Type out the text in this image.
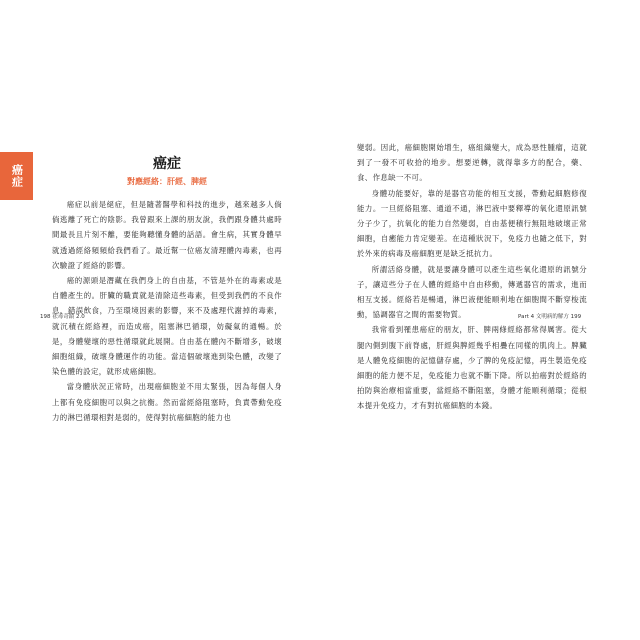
癌症	癌症
對應經絡：肝經、脾經

癌症以前是絕症，但是隨著醫學和科技的進步，越來越多人倘倘逃離了死亡的陰影。我曾跟來上課的朋友說，我們跟身體共處時間最長且片刻不離，要能夠聽懂身體的話語。會生病，其實身體早就透過經絡頻頻給我們看了。最近幫一位癌友清理體內毒素，也再次驗證了經絡的影響。

癌的源頭是潛藏在我們身上的自由基，不管是外在的毒素或是自體產生的。肝臟的職責就是清除這些毒素，但受到我們的不良作息、錯誤飲食，乃至環境因素的影響，來不及處理代謝掉的毒素，就沉積在經絡裡，而造成癌，阻塞淋巴循環，妨礙氣的通暢。於是，身體變壞的惡性循環就此展開。自由基在體內不斷增多，破壞細胞組織，破壞身體運作的功能。當這個破壞進到染色體，改變了染色體的設定，就形成癌細胞。

當身體狀況正常時，出現癌細胞並不用太緊張，因為每個人身上都有免疫細胞可以與之抗衡。然而當經絡阻塞時，負責帶動免疫力的淋巴循環相對是弱的，使得對抗癌細胞的能力也

變弱。因此，癌細胞開始增生，癌組織變大，成為惡性腫瘤，這就到了一發不可收拾的地步。想要逆轉，就得靠多方的配合，藥、食、作息缺一不可。

身體功能要好，靠的是器官功能的相互支援，帶動起細胞修復能力。一旦經絡阻塞、通道不通，淋巴液中要釋導的氧化還原訊號分子少了，抗氧化的能力自然變弱，自由基便積行無阻地破壞正常細胞，自癒能力肯定變差。在這種狀況下，免疫力也隨之低下，對於外來的病毒及癌細胞更是缺乏抵抗力。

所謂活絡身體，就是要讓身體可以產生這些氧化還原的訊號分子，讓這些分子在人體的經絡中自由移動，傳遞器官的需求，進而相互支援。經絡若是暢通，淋巴液便能順利地在細胞間不斷穿梭流動，協調器官之間的需要物質。

我常看到罹患癌症的朋友，肝、脾兩條經絡都常得厲害。從大腿內側到腹下前脊處，肝經與脾經幾乎相疊在同樣的肌肉上。脾臟是人體免疫細胞的記憶儲存處，少了脾的免疫記憶，再生製造免疫細胞的能力便不足，免疫能力也就不斷下降。所以拍癌對於經絡的拍防與治療相當重要，當經絡不斷阻塞，身體才能順利循環；從根本提升免疫力，才有對抗癌細胞的本錢。

198 祛毒奇蹟 2.0	Part 4 文明病的解方 199
